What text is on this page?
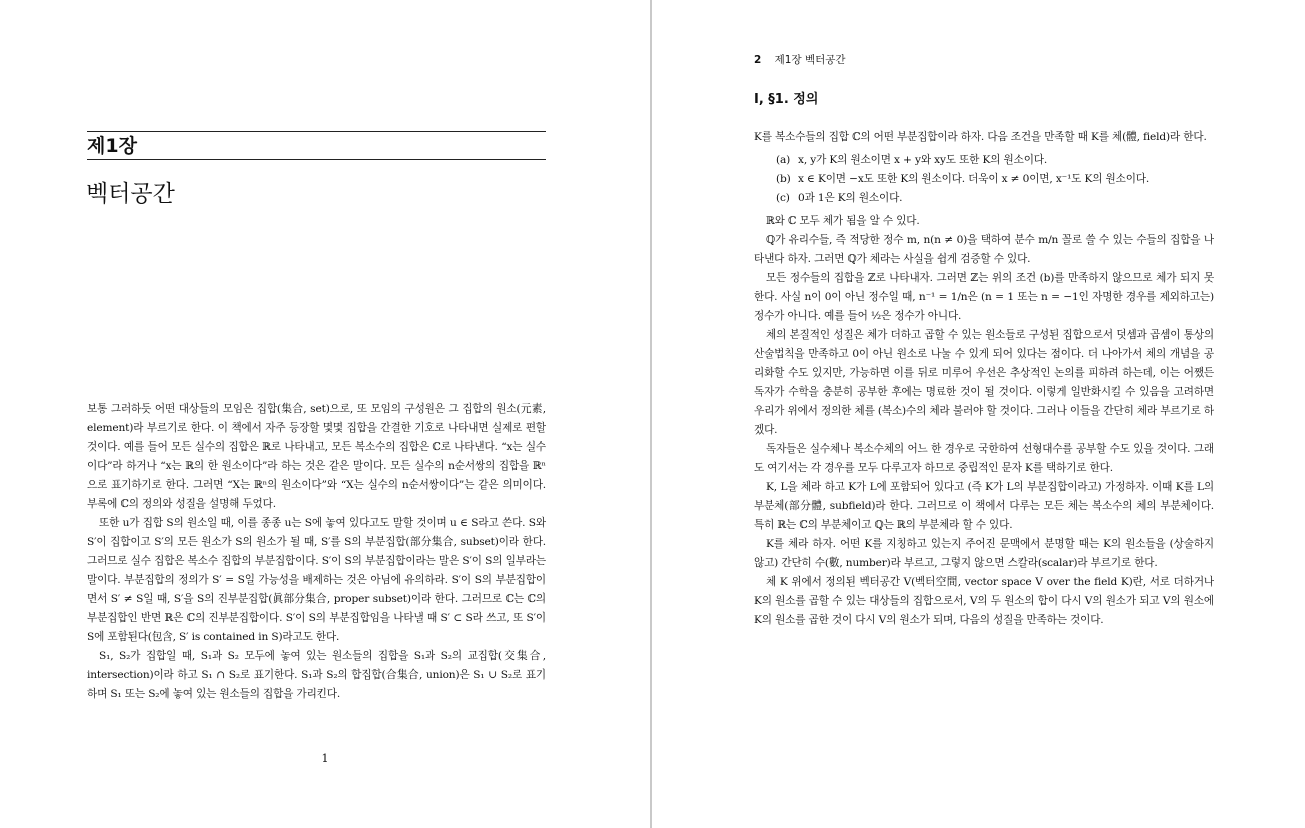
제1장
벡터공간

보통 그러하듯 어떤 대상들의 모임은 집합(集合, set)으로, 또 모임의 구성원은 그 집합의 원소(元素, element)라 부르기로 한다. 이 책에서 자주 등장할 몇몇 집합을 간결한 기호로 나타내면 실제로 편할 것이다. 예를 들어 모든 실수의 집합은 ℝ로 나타내고, 모든 복소수의 집합은 ℂ로 나타낸다. “x는 실수이다”라 하거나 “x는 ℝ의 한 원소이다”라 하는 것은 같은 말이다. 모든 실수의 n순서쌍의 집합을 ℝⁿ으로 표기하기로 한다. 그러면 “X는 ℝⁿ의 원소이다”와 “X는 실수의 n순서쌍이다”는 같은 의미이다. 부록에 ℂ의 정의와 성질을 설명해 두었다.

또한 u가 집합 S의 원소일 때, 이를 종종 u는 S에 놓여 있다고도 말할 것이며 u ∈ S라고 쓴다. S와 S′이 집합이고 S′의 모든 원소가 S의 원소가 될 때, S′를 S의 부분집합(部分集合, subset)이라 한다. 그러므로 실수 집합은 복소수 집합의 부분집합이다. S′이 S의 부분집합이라는 말은 S′이 S의 일부라는 말이다. 부분집합의 정의가 S′ = S일 가능성을 배제하는 것은 아님에 유의하라. S′이 S의 부분집합이면서 S′ ≠ S일 때, S′을 S의 진부분집합(眞部分集合, proper subset)이라 한다. 그러므로 ℂ는 ℂ의 부분집합인 반면 ℝ은 ℂ의 진부분집합이다. S′이 S의 부분집합임을 나타낼 때 S′ ⊂ S라 쓰고, 또 S′이 S에 포함된다(包含, S′ is contained in S)라고도 한다.

S₁, S₂가 집합일 때, S₁과 S₂ 모두에 놓여 있는 원소들의 집합을 S₁과 S₂의 교집합(交集合, intersection)이라 하고 S₁ ∩ S₂로 표기한다. S₁과 S₂의 합집합(合集合, union)은 S₁ ∪ S₂로 표기하며 S₁ 또는 S₂에 놓여 있는 원소들의 집합을 가리킨다.

1
2 제1장 벡터공간
I, §1. 정의

K를 복소수들의 집합 ℂ의 어떤 부분집합이라 하자. 다음 조건을 만족할 때 K를 체(體, field)라 한다.

(a) x, y가 K의 원소이면 x + y와 xy도 또한 K의 원소이다.
(b) x ∈ K이면 −x도 또한 K의 원소이다. 더욱이 x ≠ 0이면, x⁻¹도 K의 원소이다.
(c) 0과 1은 K의 원소이다.

ℝ와 ℂ 모두 체가 됨을 알 수 있다.

ℚ가 유리수들, 즉 적당한 정수 m, n(n ≠ 0)을 택하여 분수 m/n 꼴로 쓸 수 있는 수들의 집합을 나타낸다 하자. 그러면 ℚ가 체라는 사실을 쉽게 검증할 수 있다.

모든 정수들의 집합을 ℤ로 나타내자. 그러면 ℤ는 위의 조건 (b)를 만족하지 않으므로 체가 되지 못한다. 사실 n이 0이 아닌 정수일 때, n⁻¹ = 1/n은 (n = 1 또는 n = −1인 자명한 경우를 제외하고는) 정수가 아니다. 예를 들어 ½은 정수가 아니다.

체의 본질적인 성질은 체가 더하고 곱할 수 있는 원소들로 구성된 집합으로서 덧셈과 곱셈이 통상의 산술법칙을 만족하고 0이 아닌 원소로 나눌 수 있게 되어 있다는 점이다. 더 나아가서 체의 개념을 공리화할 수도 있지만, 가능하면 이를 뒤로 미루어 우선은 추상적인 논의를 피하려 하는데, 이는 어쨌든 독자가 수학을 충분히 공부한 후에는 명료한 것이 될 것이다. 이렇게 일반화시킬 수 있음을 고려하면 우리가 위에서 정의한 체를 (복소)수의 체라 불러야 할 것이다. 그러나 이들을 간단히 체라 부르기로 하겠다.

독자들은 실수체나 복소수체의 어느 한 경우로 국한하여 선형대수를 공부할 수도 있을 것이다. 그래도 여기서는 각 경우를 모두 다루고자 하므로 중립적인 문자 K를 택하기로 한다.

K, L을 체라 하고 K가 L에 포함되어 있다고 (즉 K가 L의 부분집합이라고) 가정하자. 이때 K를 L의 부분체(部分體, subfield)라 한다. 그러므로 이 책에서 다루는 모든 체는 복소수의 체의 부분체이다. 특히 ℝ는 ℂ의 부분체이고 ℚ는 ℝ의 부분체라 할 수 있다.

K를 체라 하자. 어떤 K를 지칭하고 있는지 주어진 문맥에서 분명할 때는 K의 원소들을 (상술하지 않고) 간단히 수(數, number)라 부르고, 그렇지 않으면 스칼라(scalar)라 부르기로 한다.

체 K 위에서 정의된 벡터공간 V(벡터空間, vector space V over the field K)란, 서로 더하거나 K의 원소를 곱할 수 있는 대상들의 집합으로서, V의 두 원소의 합이 다시 V의 원소가 되고 V의 원소에 K의 원소를 곱한 것이 다시 V의 원소가 되며, 다음의 성질을 만족하는 것이다.
